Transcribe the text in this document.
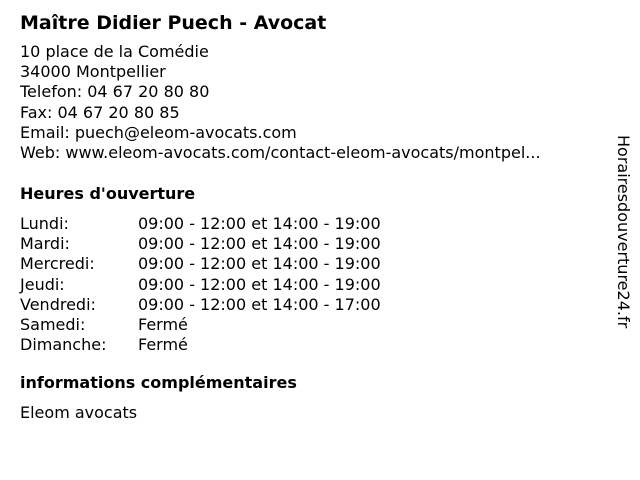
Maître Didier Puech - Avocat
10 place de la Comédie
34000 Montpellier
Telefon: 04 67 20 80 80
Fax: 04 67 20 80 85
Email: puech@eleom-avocats.com
Web: www.eleom-avocats.com/contact-eleom-avocats/montpel...
Heures d'ouverture
Lundi:	09:00 - 12:00 et 14:00 - 19:00
Mardi:	09:00 - 12:00 et 14:00 - 19:00
Mercredi:	09:00 - 12:00 et 14:00 - 19:00
Jeudi:	09:00 - 12:00 et 14:00 - 19:00
Vendredi:	09:00 - 12:00 et 14:00 - 17:00
Samedi:	Fermé
Dimanche:	Fermé
informations complémentaires
Eleom avocats
Horairesdouverture24.fr
